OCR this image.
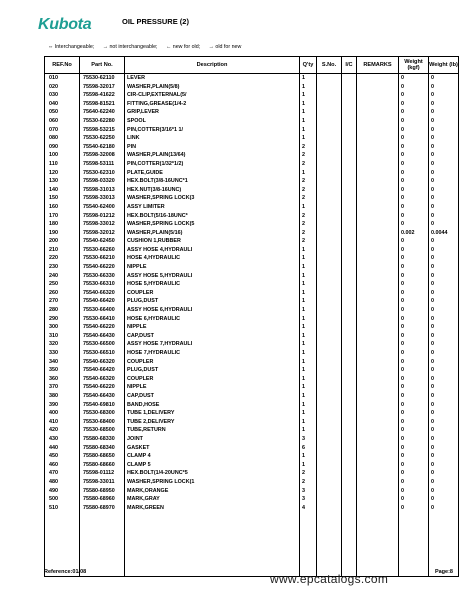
Kubota	OIL PRESSURE (2)
⇔ Interchangeable; → not interchangeable; ← new for old; → old for new
REF.No	Part No.	Description	Q'ty	S.No.	I/C	REMARKS	Weight (kgf)	Weight (lb)
010	75530-62110	LEVER	1				0	0
020	75598-32017	WASHER,PLAIN(5/8)	1				0	0
030	75598-41622	CIR-CLIP,EXTERNAL(5/	1				0	0
040	75598-81521	FITTING,GREASE(1/4-2	1				0	0
050	75640-62240	GRIP,LEVER	1				0	0
060	75530-62280	SPOOL	1				0	0
070	75598-53215	PIN,COTTER(3/16*1 1/	1				0	0
080	75530-62250	LINK	1				0	0
090	75540-62180	PIN	2				0	0
100	75598-32008	WASHER,PLAIN(13/64)	2				0	0
110	75598-53111	PIN,COTTER(1/32*1/2)	2				0	0
120	75530-62310	PLATE,GUIDE	1				0	0
130	75598-03320	HEX.BOLT(3/8-16UNC*1	2				0	0
140	75598-31013	HEX.NUT(3/8-16UNC)	2				0	0
150	75598-33013	WASHER,SPRING LOCK(3	2				0	0
160	75540-62400	ASSY LIMITER	1				0	0
170	75598-01212	HEX.BOLT(5/16-18UNC*	2				0	0
180	75598-33012	WASHER,SPRING LOCK(5	2				0	0
190	75598-32012	WASHER,PLAIN(5/16)	2				0.002	0.0044
200	75540-62450	CUSHION 1,RUBBER	2				0	0
210	75530-66260	ASSY HOSE 4,HYDRAULI	1				0	0
220	75530-66210	HOSE 4,HYDRAULIC	1				0	0
230	75540-66220	NIPPLE	1				0	0
240	75530-66330	ASSY HOSE 5,HYDRAULI	1				0	0
250	75530-66310	HOSE 5,HYDRAULIC	1				0	0
260	75540-66320	COUPLER	1				0	0
270	75540-66420	PLUG,DUST	1				0	0
280	75530-66400	ASSY HOSE 6,HYDRAULI	1				0	0
290	75530-66410	HOSE 6,HYDRAULIC	1				0	0
300	75540-66220	NIPPLE	1				0	0
310	75540-66430	CAP,DUST	1				0	0
320	75530-66500	ASSY HOSE 7,HYDRAULI	1				0	0
330	75530-66510	HOSE 7,HYDRAULIC	1				0	0
340	75540-66320	COUPLER	1				0	0
350	75540-66420	PLUG,DUST	1				0	0
360	75540-66320	COUPLER	1				0	0
370	75540-66220	NIPPLE	1				0	0
380	75540-66430	CAP,DUST	1				0	0
390	75540-69810	BAND,HOSE	1				0	0
400	75530-68300	TUBE 1,DELIVERY	1				0	0
410	75530-68400	TUBE 2,DELIVERY	1				0	0
420	75530-68500	TUBE,RETURN	1				0	0
430	75580-68330	JOINT	3				0	0
440	75580-68340	GASKET	6				0	0
450	75580-68650	CLAMP 4	1				0	0
460	75580-68660	CLAMP 5	1				0	0
470	75598-01112	HEX.BOLT(1/4-20UNC*5	2				0	0
480	75598-33011	WASHER,SPRING LOCK(1	2				0	0
490	75580-68950	MARK,ORANGE	3				0	0
500	75580-68960	MARK,GRAY	3				0	0
510	75580-68970	MARK,GREEN	4				0	0

Reference:01/08	www.epcatalogs.com	Page:8
